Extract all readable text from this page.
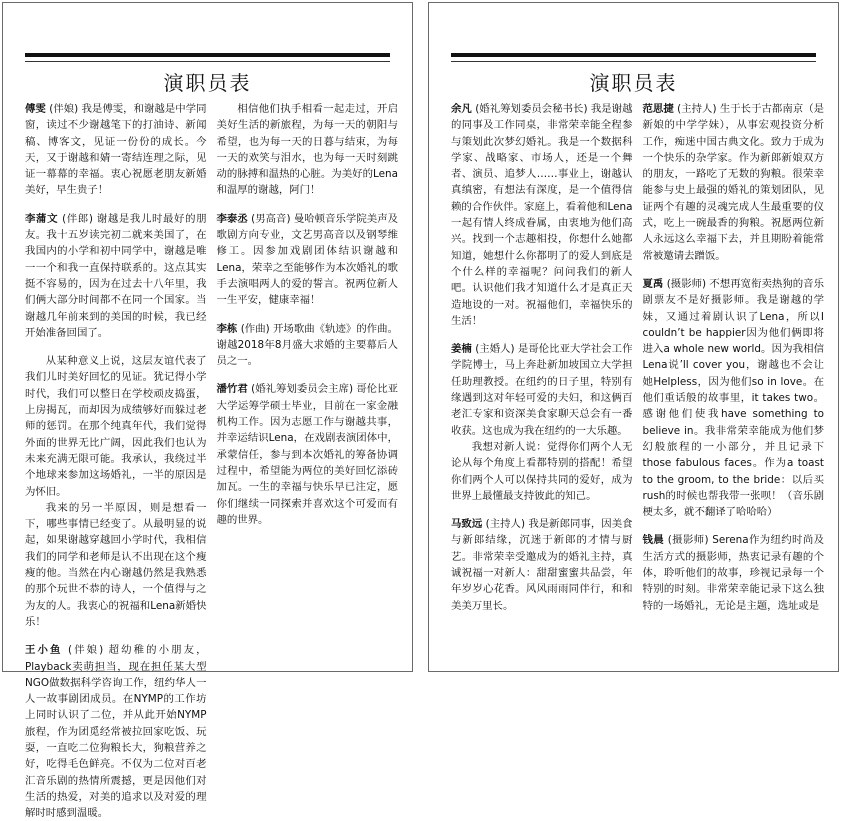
演职员表

傅雯 (伴娘) 我是傅雯，和谢越是中学同窗，读过不少谢越笔下的打油诗、新闻稿、博客文，见证一份份的成长。今天，又于谢越和婧一寄结连理之际，见证一幕幕的幸福。衷心祝愿老朋友新婚美好，早生贵子！

李蒲文 (伴郎) 谢越是我儿时最好的朋友。我十五岁读完初二就来美国了，在我国内的小学和初中同学中，谢越是唯一一个和我一直保持联系的。这点其实挺不容易的，因为在过去十八年里，我们俩大部分时间都不在同一个国家。当谢越几年前来到的美国的时候，我已经开始准备回国了。

从某种意义上说，这层友谊代表了我们儿时美好回忆的见证。犹记得小学时代，我们可以整日在学校顽皮捣蛋，上房揭瓦，而却因为成绩够好而躲过老师的惩罚。在那个纯真年代，我们觉得外面的世界无比广阔，因此我们也认为未来充满无限可能。我承认，我绕过半个地球来参加这场婚礼，一半的原因是为怀旧。

我来的另一半原因，则是想看一下，哪些事情已经变了。从最明显的说起，如果谢越穿越回小学时代，我相信我们的同学和老师是认不出现在这个瘦瘦的他。当然在内心谢越仍然是我熟悉的那个玩世不恭的诗人，一个值得与之为友的人。我衷心的祝福和Lena新婚快乐！

王小鱼 (伴娘) 超幼稚的小朋友，Playback卖萌担当，现在担任某大型NGO做数据科学咨询工作，纽约华人一人一故事剧团成员。在NYMP的工作坊上同时认识了二位，并从此开始NYMP旅程，作为团觅经常被拉回家吃饭、玩耍，一直吃二位狗粮长大，狗粮营养之好，吃得毛色鲜亮。不仅为二位对百老汇音乐剧的热情所震撼，更是因他们对生活的热爱，对美的追求以及对爱的理解时时感到温暖。

相信他们执手相看一起走过，开启美好生活的新旅程，为每一天的朝阳与希望，也为每一天的日暮与结束，为每一天的欢笑与泪水，也为每一天时刻跳动的脉搏和温热的心脏。为美好的Lena和温厚的谢越，阿门！

李泰丞 (男高音) 曼哈顿音乐学院美声及歌剧方向专业，文艺男高音以及钢琴维修工。因参加戏剧团体结识谢越和Lena，荣幸之至能够作为本次婚礼的歌手去演唱两人的爱的誓言。祝两位新人一生平安，健康幸福！

李栋 (作曲) 开场歌曲《轨迹》的作曲。谢越2018年8月盛大求婚的主要幕后人员之一。

潘竹君 (婚礼筹划委员会主席) 哥伦比亚大学运筹学硕士毕业，目前在一家金融机构工作。因为志愿工作与谢越共事，并幸运结识Lena，在戏剧表演团体中，承蒙信任，参与到本次婚礼的筹备协调过程中，希望能为两位的美好回忆添砖加瓦。一生的幸福与快乐早已注定，愿你们继续一同探索并喜欢这个可爱而有趣的世界。

演职员表

余凡 (婚礼筹划委员会秘书长) 我是谢越的同事及工作同桌，非常荣幸能全程参与策划此次梦幻婚礼。我是一个数据科学家、战略家、市场人，还是一个舞者、演员、追梦人……事业上，谢越认真缜密，有想法有深度，是一个值得信赖的合作伙伴。家庭上，看着他和Lena一起有情人终成眷属，由衷地为他们高兴。找到一个志趣相投，你想什么她都知道，她想什么你都明了的爱人到底是个什么样的幸福呢？问问我们的新人吧。认识他们我才知道什么才是真正天造地设的一对。祝福他们，幸福快乐的生活！

姜楠 (主婚人) 是哥伦比亚大学社会工作学院博士，马上奔赴新加坡国立大学担任助理教授。在纽约的日子里，特别有缘遇到这对年轻可爱的夫妇，和这俩百老汇专家和资深美食家聊天总会有一番收获。这也成为我在纽约的一大乐趣。

我想对新人说：觉得你们两个人无论从每个角度上看都特别的搭配！希望你们两个人可以保持共同的爱好，成为世界上最懂最支持彼此的知己。

马致远 (主持人) 我是新郎同事，因美食与新郎结缘，沉迷于新郎的才情与厨艺。非常荣幸受邀成为的婚礼主持，真诚祝福一对新人：甜甜蜜蜜共品尝，年年岁岁心花香。风风雨雨同伴行，和和美美万里长。

范思捷 (主持人) 生于长于古都南京（是新娘的中学学妹），从事宏观投资分析工作，痴迷中国古典文化。致力于成为一个快乐的杂学家。作为新郎新娘双方的朋友，一路吃了无数的狗粮。很荣幸能参与史上最强的婚礼的策划团队，见证两个有趣的灵魂完成人生最重要的仪式，吃上一碗最香的狗粮。祝愿两位新人永远这么幸福下去，并且期盼着能常常被邀请去蹭饭。

夏禹 (摄影师) 不想再宽衔卖热狗的音乐剧票友不是好摄影师。我是谢越的学妹，又通过着剧认识了Lena，所以I couldn’t be happier因为他们俩即将进入a whole new world。因为我相信Lena说’ll cover you，谢越也不会让她Helpless，因为他们so in love。在他们重话般的故事里，it takes two。感谢他们使我have something to believe in。我非常荣幸能成为他们梦幻般旅程的一小部分，并且记录下those fabulous faces。作为a toast to the groom, to the bride：以后买rush的时候也帮我带一张呗！（音乐剧梗太多，就不翻译了哈哈哈）

钱晨 (摄影师) Serena作为纽约时尚及生活方式的摄影师，热衷记录有趣的个体，聆听他们的故事，珍视记录每一个特别的时刻。非常荣幸能记录下这么独特的一场婚礼，无论是主题，选址或是
